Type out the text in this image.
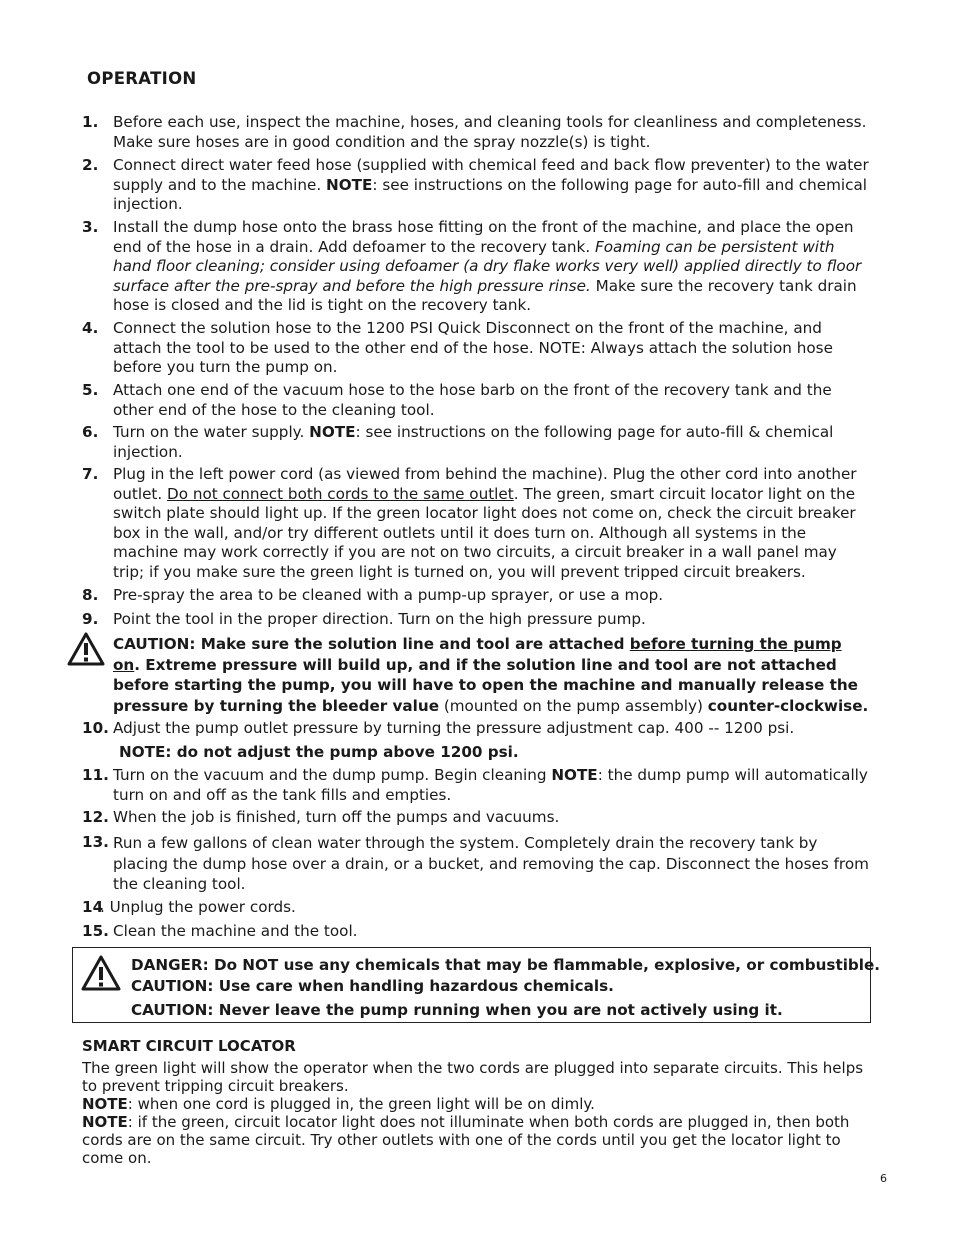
OPERATION
1. Before each use, inspect the machine, hoses, and cleaning tools for cleanliness and completeness. Make sure hoses are in good condition and the spray nozzle(s) is tight.
2. Connect direct water feed hose (supplied with chemical feed and back flow preventer) to the water supply and to the machine. NOTE: see instructions on the following page for auto-fill and chemical injection.
3. Install the dump hose onto the brass hose fitting on the front of the machine, and place the open end of the hose in a drain. Add defoamer to the recovery tank. Foaming can be persistent with hand floor cleaning; consider using defoamer (a dry flake works very well) applied directly to floor surface after the pre-spray and before the high pressure rinse. Make sure the recovery tank drain hose is closed and the lid is tight on the recovery tank.
4. Connect the solution hose to the 1200 PSI Quick Disconnect on the front of the machine, and attach the tool to be used to the other end of the hose. NOTE: Always attach the solution hose before you turn the pump on.
5. Attach one end of the vacuum hose to the hose barb on the front of the recovery tank and the other end of the hose to the cleaning tool.
6. Turn on the water supply. NOTE: see instructions on the following page for auto-fill & chemical injection.
7. Plug in the left power cord (as viewed from behind the machine). Plug the other cord into another outlet. Do not connect both cords to the same outlet. The green, smart circuit locator light on the switch plate should light up. If the green locator light does not come on, check the circuit breaker box in the wall, and/or try different outlets until it does turn on. Although all systems in the machine may work correctly if you are not on two circuits, a circuit breaker in a wall panel may trip; if you make sure the green light is turned on, you will prevent tripped circuit breakers.
8. Pre-spray the area to be cleaned with a pump-up sprayer, or use a mop.
9. Point the tool in the proper direction. Turn on the high pressure pump.
CAUTION: Make sure the solution line and tool are attached before turning the pump on. Extreme pressure will build up, and if the solution line and tool are not attached before starting the pump, you will have to open the machine and manually release the pressure by turning the bleeder value (mounted on the pump assembly) counter-clockwise.
10. Adjust the pump outlet pressure by turning the pressure adjustment cap. 400 -- 1200 psi.
NOTE: do not adjust the pump above 1200 psi.
11. Turn on the vacuum and the dump pump. Begin cleaning NOTE: the dump pump will automatically turn on and off as the tank fills and empties.
12. When the job is finished, turn off the pumps and vacuums.
13. Run a few gallons of clean water through the system. Completely drain the recovery tank by placing the dump hose over a drain, or a bucket, and removing the cap. Disconnect the hoses from the cleaning tool.
14
. Unplug the power cords.
15. Clean the machine and the tool.
DANGER: Do NOT use any chemicals that may be flammable, explosive, or combustible.
CAUTION: Use care when handling hazardous chemicals.
CAUTION: Never leave the pump running when you are not actively using it.
SMART CIRCUIT LOCATOR
The green light will show the operator when the two cords are plugged into separate circuits. This helps to prevent tripping circuit breakers.
NOTE: when one cord is plugged in, the green light will be on dimly.
NOTE: if the green, circuit locator light does not illuminate when both cords are plugged in, then both cords are on the same circuit. Try other outlets with one of the cords until you get the locator light to come on.
6
